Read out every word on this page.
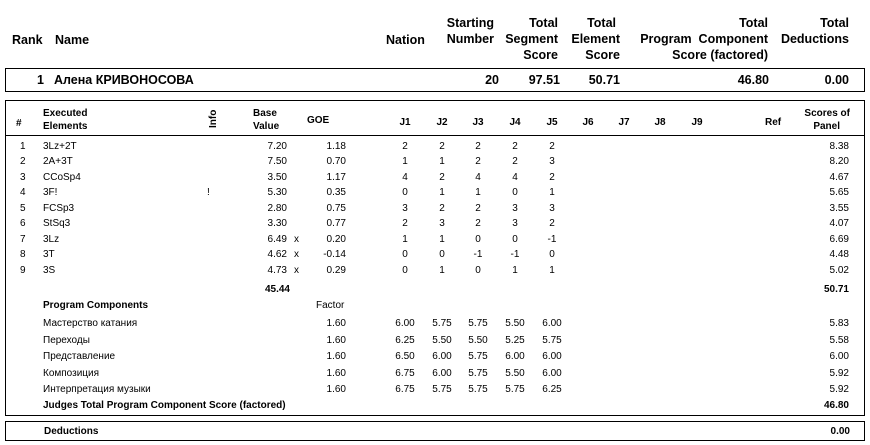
Rank Name	Nation
Starting
Number
Total
Segment
Score
Total
Element
Score
Total
Program  Component
Score (factored)
Total
Deductions
1 Алена КРИВОНОСОВА	20	97.51	50.71	46.80	0.00
#
Executed
Elements	Info	Base
Value
GOE	J1	J2	J3	J4	J5	J6	J7	J8	J9	Ref
Scores of
Panel
1 3Lz+2T	7.20	1.18	2	2	2	2	2	8.38
2 2A+3T	7.50	0.70	1	1	2	2	3	8.20
3 CCoSp4	3.50	1.17	4	2	4	4	2	4.67
4 3F!	!	5.30	0.35	0	1	1	0	1	5.65
5 FCSp3	2.80	0.75	3	2	2	3	3	3.55
6 StSq3	3.30	0.77	2	3	2	3	2	4.07
7 3Lz	6.49 x	0.20	1	1	0	0	-1	6.69
8 3T	4.62 x	-0.14	0	0	-1	-1	0	4.48
9 3S	4.73 x	0.29	0	1	0	1	1	5.02
45.44	50.71
Program Components	Factor
Мастерство катания	1.60	6.00	5.75	5.75	5.50	6.00	5.83
Переходы	1.60	6.25	5.50	5.50	5.25	5.75	5.58
Представление	1.60	6.50	6.00	5.75	6.00	6.00	6.00
Композиция	1.60	6.75	6.00	5.75	5.50	6.00	5.92
Интерпретация музыки	1.60	6.75	5.75	5.75	5.75	6.25	5.92
Judges Total Program Component Score (factored)	46.80
Deductions	0.00
